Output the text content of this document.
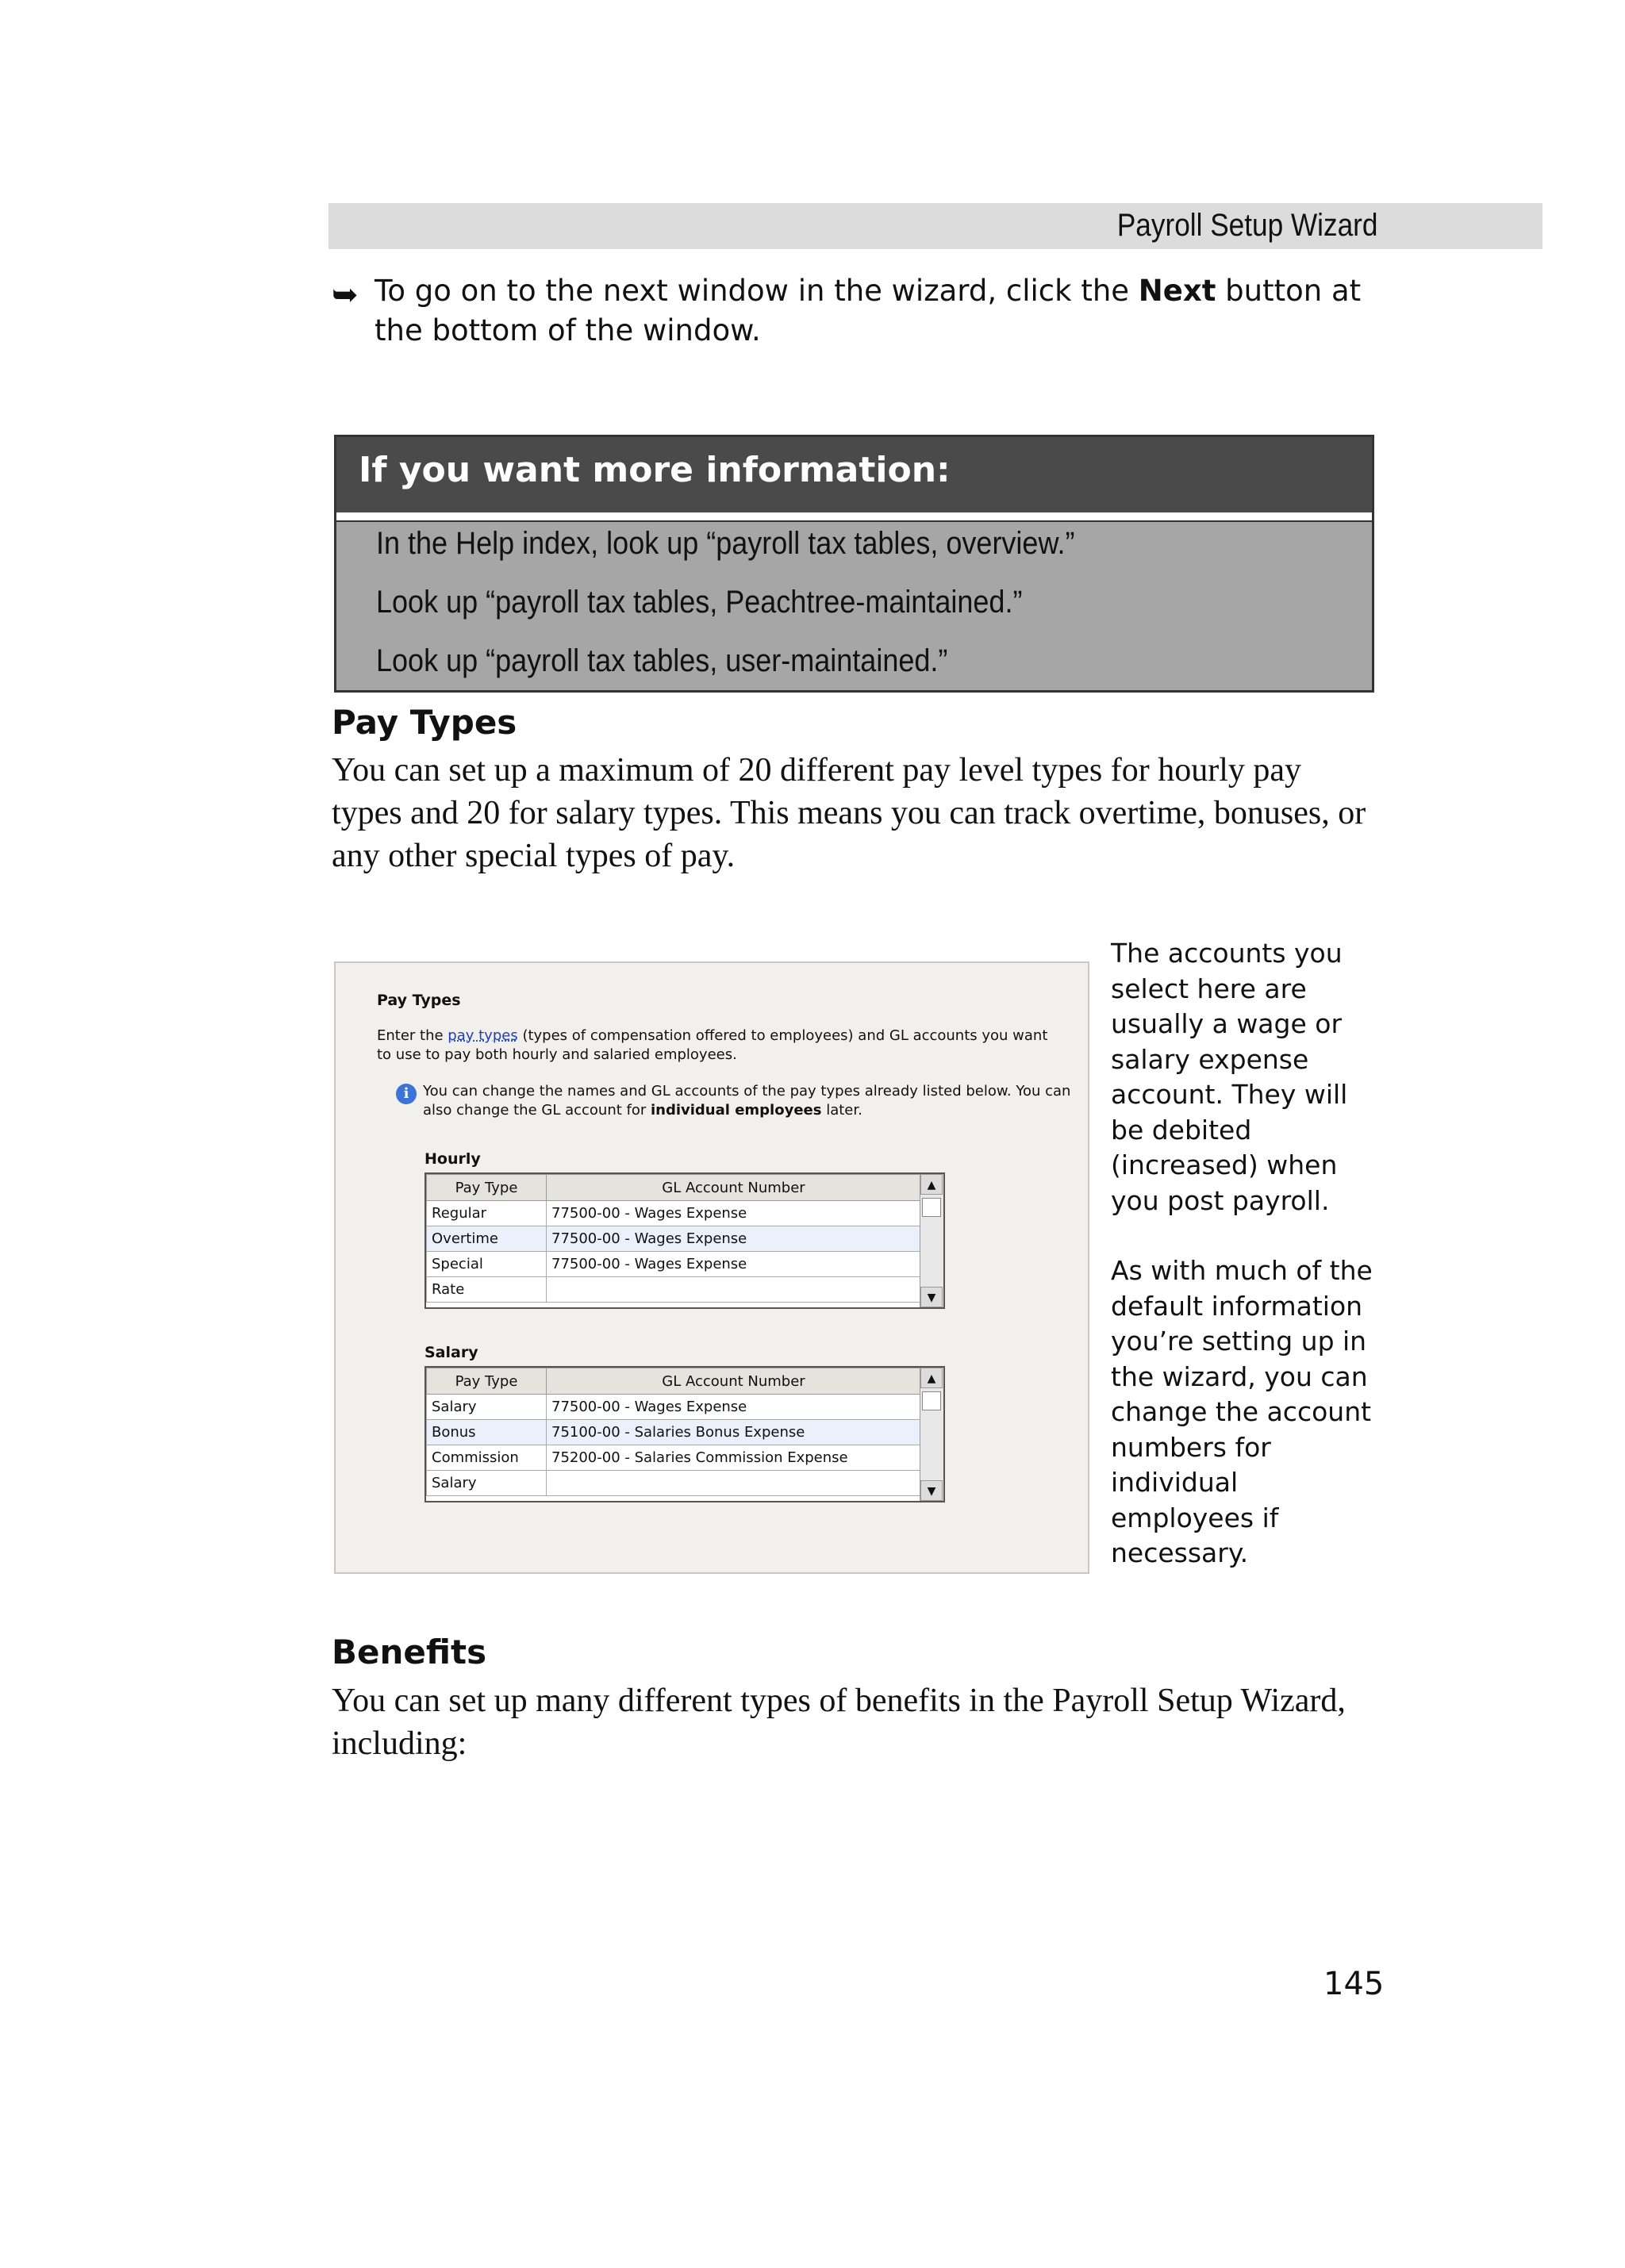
Payroll Setup Wizard
➥ To go on to the next window in the wizard, click the Next button at the bottom of the window.
If you want more information:
In the Help index, look up “payroll tax tables, overview.”
Look up “payroll tax tables, Peachtree-maintained.”
Look up “payroll tax tables, user-maintained.”
Pay Types

You can set up a maximum of 20 different pay level types for hourly pay types and 20 for salary types. This means you can track overtime, bonuses, or any other special types of pay.

Pay Types
Enter the pay types (types of compensation offered to employees) and GL accounts you want to use to pay both hourly and salaried employees.
i You can change the names and GL accounts of the pay types already listed below. You can also change the GL account for individual employees later.
Hourly
Pay Type	GL Account Number
Regular	77500-00 - Wages Expense
Overtime	77500-00 - Wages Expense
Special	77500-00 - Wages Expense
Rate	
▲
▼
Salary
Pay Type	GL Account Number
Salary	77500-00 - Wages Expense
Bonus	75100-00 - Salaries Bonus Expense
Commission	75200-00 - Salaries Commission Expense
Salary	
▲
▼

The accounts you select here are usually a wage or salary expense account. They will be debited (increased) when you post payroll.

As with much of the default information you’re setting up in the wizard, you can change the account numbers for individual employees if necessary.

Benefits

You can set up many different types of benefits in the Payroll Setup Wizard, including:

145
